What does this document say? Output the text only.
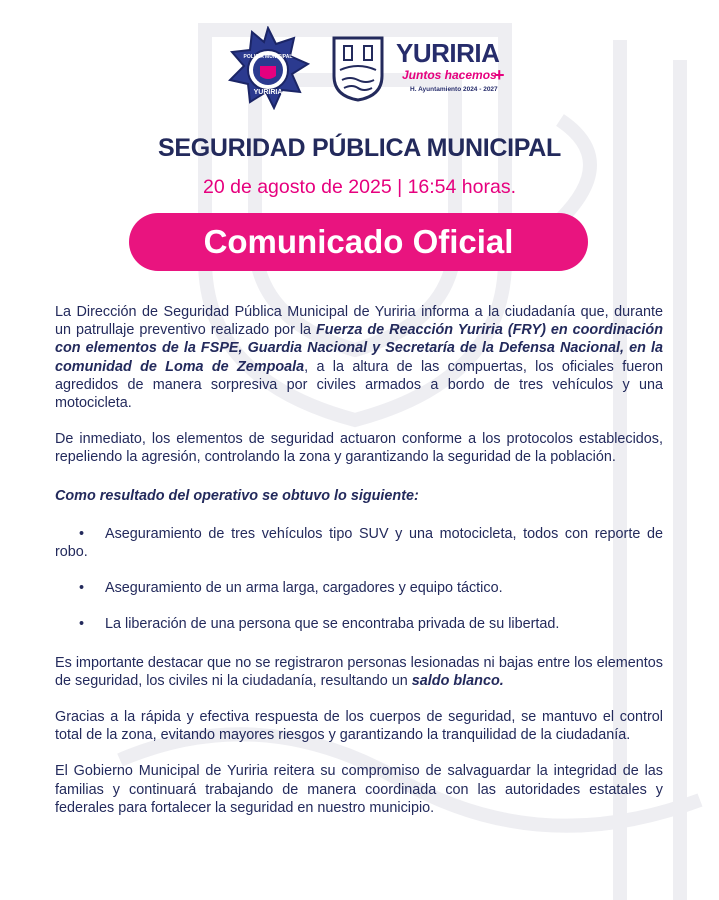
POLICÍA MUNICIPAL
YURIRIA
YURIRIA
Juntos hacemos
+
H. Ayuntamiento 2024 - 2027
SEGURIDAD PÚBLICA MUNICIPAL
20 de agosto de 2025 | 16:54 horas.
Comunicado Oficial

La Dirección de Seguridad Pública Municipal de Yuriria informa a la ciudadanía que, durante un patrullaje preventivo realizado por la Fuerza de Reacción Yuriria (FRY) en coordinación con elementos de la FSPE, Guardia Nacional y Secretaría de la Defensa Nacional, en la comunidad de Loma de Zempoala, a la altura de las compuertas, los oficiales fueron agredidos de manera sorpresiva por civiles armados a bordo de tres vehículos y una motocicleta.

De inmediato, los elementos de seguridad actuaron conforme a los protocolos establecidos, repeliendo la agresión, controlando la zona y garantizando la seguridad de la población.

Como resultado del operativo se obtuvo lo siguiente:

• Aseguramiento de tres vehículos tipo SUV y una motocicleta, todos con reporte de robo.

• Aseguramiento de un arma larga, cargadores y equipo táctico.

• La liberación de una persona que se encontraba privada de su libertad.

Es importante destacar que no se registraron personas lesionadas ni bajas entre los elementos de seguridad, los civiles ni la ciudadanía, resultando un saldo blanco.

Gracias a la rápida y efectiva respuesta de los cuerpos de seguridad, se mantuvo el control total de la zona, evitando mayores riesgos y garantizando la tranquilidad de la ciudadanía.

El Gobierno Municipal de Yuriria reitera su compromiso de salvaguardar la integridad de las familias y continuará trabajando de manera coordinada con las autoridades estatales y federales para fortalecer la seguridad en nuestro municipio.
